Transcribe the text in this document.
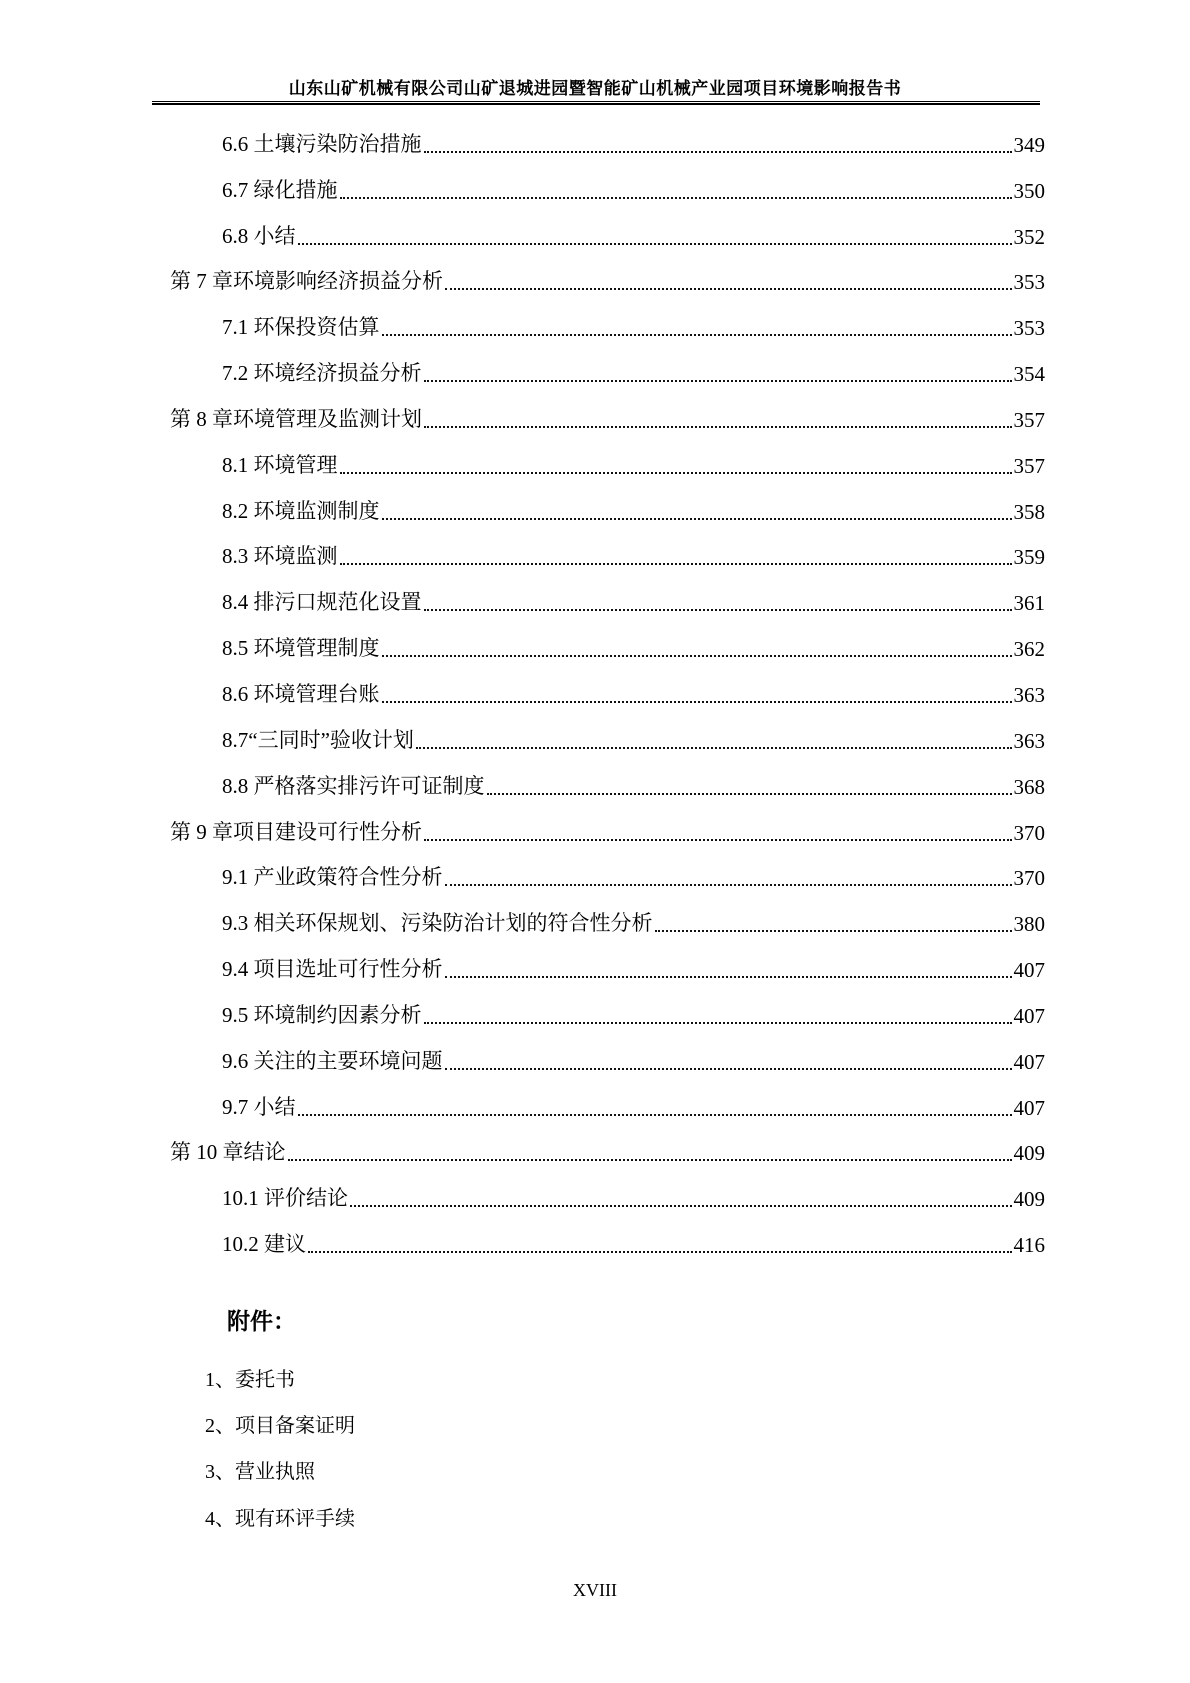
山东山矿机械有限公司山矿退城进园暨智能矿山机械产业园项目环境影响报告书
6.6 土壤污染防治措施	349
6.7 绿化措施	350
6.8 小结	352
第 7 章环境影响经济损益分析	353
7.1 环保投资估算	353
7.2 环境经济损益分析	354
第 8 章环境管理及监测计划	357
8.1 环境管理	357
8.2 环境监测制度	358
8.3 环境监测	359
8.4 排污口规范化设置	361
8.5 环境管理制度	362
8.6 环境管理台账	363
8.7“三同时”验收计划	363
8.8 严格落实排污许可证制度	368
第 9 章项目建设可行性分析	370
9.1 产业政策符合性分析	370
9.3 相关环保规划、污染防治计划的符合性分析	380
9.4 项目选址可行性分析	407
9.5 环境制约因素分析	407
9.6 关注的主要环境问题	407
9.7 小结	407
第 10 章结论	409
10.1 评价结论	409
10.2 建议	416
附件：
1、委托书
2、项目备案证明
3、营业执照
4、现有环评手续
XVIII
